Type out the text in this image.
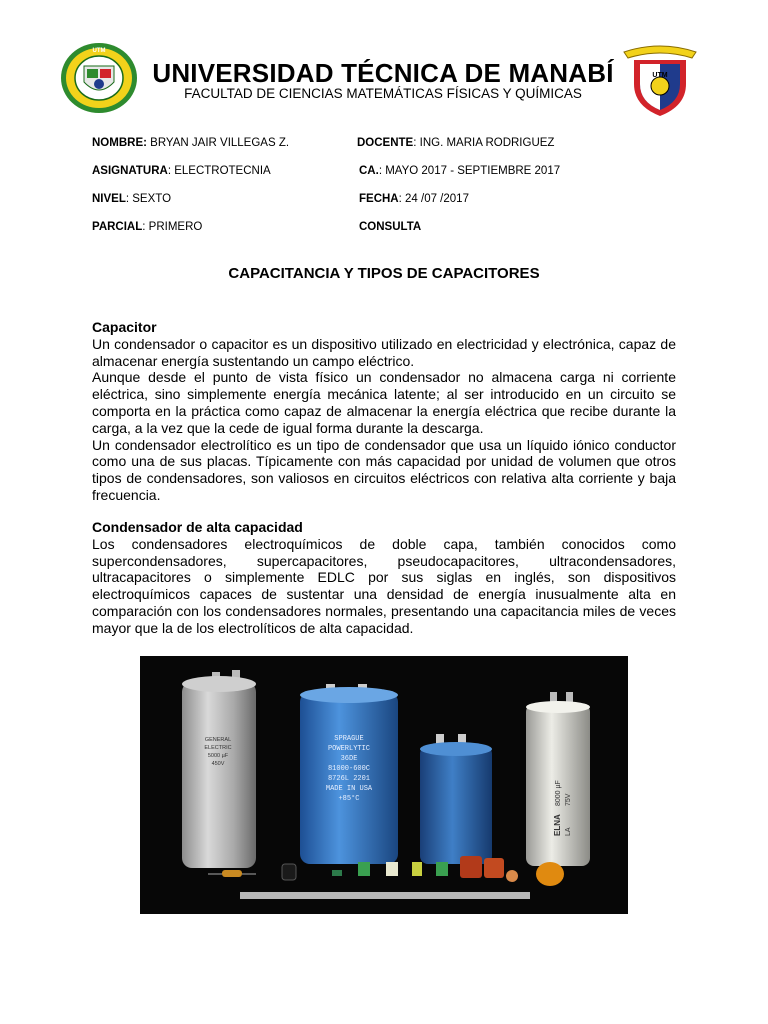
UTM
UNIVERSIDAD TÉCNICA DE MANABÍ
FACULTAD DE CIENCIAS MATEMÁTICAS FÍSICAS Y QUÍMICAS
UTM
NOMBRE: BRYAN JAIR VILLEGAS Z.	DOCENTE: ING. MARIA RODRIGUEZ
ASIGNATURA: ELECTROTECNIA	CA.: MAYO 2017 - SEPTIEMBRE 2017
NIVEL: SEXTO	FECHA: 24 /07 /2017
PARCIAL: PRIMERO	CONSULTA
CAPACITANCIA Y TIPOS DE CAPACITORES
Capacitor

Un condensador o capacitor es un dispositivo utilizado en electricidad y electrónica, capaz de almacenar energía sustentando un campo eléctrico.

Aunque desde el punto de vista físico un condensador no almacena carga ni corriente eléctrica, sino simplemente energía mecánica latente; al ser introducido en un circuito se comporta en la práctica como capaz de almacenar la energía eléctrica que recibe durante la carga, a la vez que la cede de igual forma durante la descarga.

Un condensador electrolítico es un tipo de condensador que usa un líquido iónico conductor como una de sus placas. Típicamente con más capacidad por unidad de volumen que otros tipos de condensadores, son valiosos en circuitos eléctricos con relativa alta corriente y baja frecuencia.

Condensador de alta capacidad

Los condensadores electroquímicos de doble capa, también conocidos como supercondensadores, supercapacitores, pseudocapacitores, ultracondensadores, ultracapacitores o simplemente EDLC por sus siglas en inglés, son dispositivos electroquímicos capaces de sustentar una densidad de energía inusualmente alta en comparación con los condensadores normales, presentando una capacitancia miles de veces mayor que la de los electrolíticos de alta capacidad.

GENERAL
ELECTRIC
5000 µF
450V
SPRAGUE
POWERLYTIC
36DE
81000-600C
8726L 2201
MADE IN USA
+85°C
ELNA LA
8000 µF 75V
